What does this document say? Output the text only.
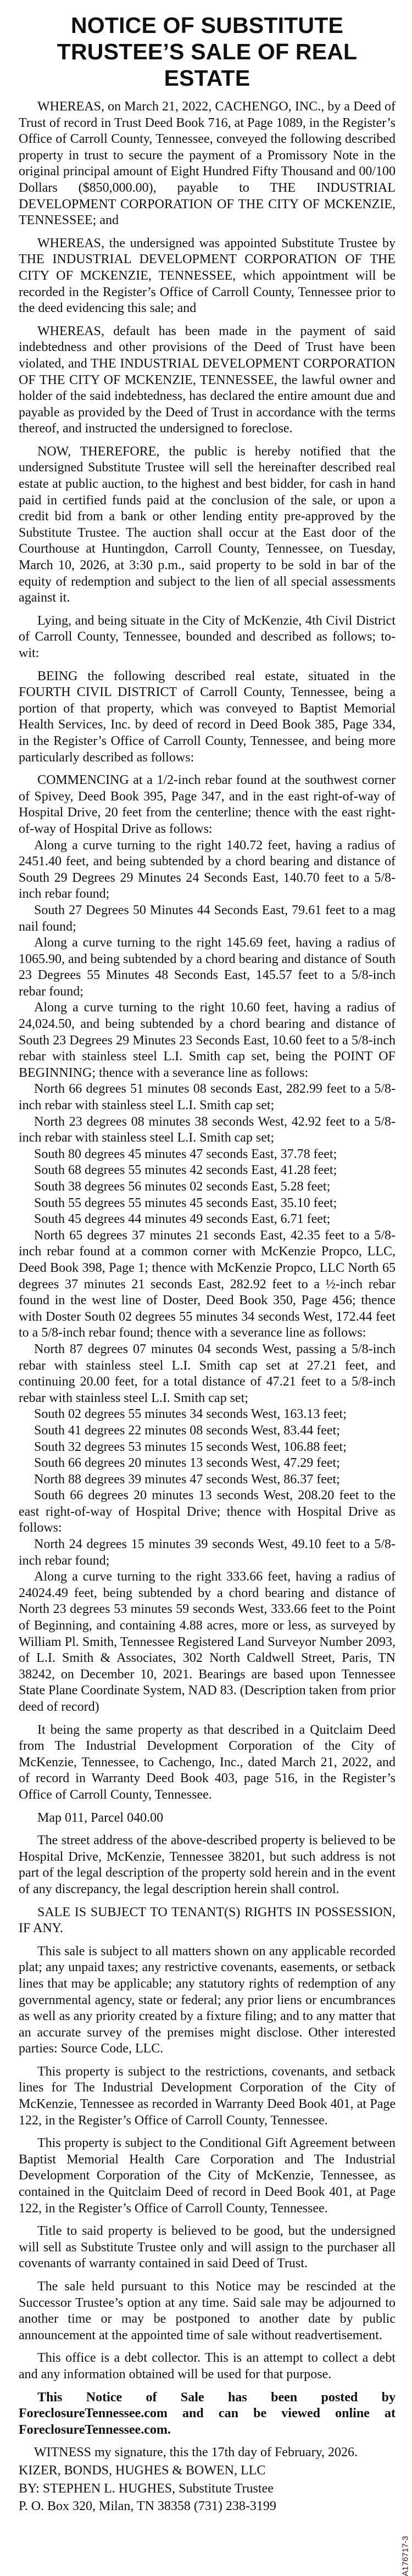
NOTICE OF SUBSTITUTE TRUSTEE’S SALE OF REAL ESTATE

WHEREAS, on March 21, 2022, CACHENGO, INC., by a Deed of Trust of record in Trust Deed Book 716, at Page 1089, in the Register’s Office of Carroll County, Tennessee, conveyed the following described property in trust to secure the payment of a Promissory Note in the original principal amount of Eight Hundred Fifty Thousand and 00/100 Dollars ($850,000.00), payable to THE INDUSTRIAL DEVELOPMENT CORPORATION OF THE CITY OF MCKENZIE, TENNESSEE; and

WHEREAS, the undersigned was appointed Substitute Trustee by THE INDUSTRIAL DEVELOPMENT CORPORATION OF THE CITY OF MCKENZIE, TENNESSEE, which appointment will be recorded in the Register’s Office of Carroll County, Tennessee prior to the deed evidencing this sale; and

WHEREAS, default has been made in the payment of said indebtedness and other provisions of the Deed of Trust have been violated, and THE INDUSTRIAL DEVELOPMENT CORPORATION OF THE CITY OF MCKENZIE, TENNESSEE, the lawful owner and holder of the said indebtedness, has declared the entire amount due and payable as provided by the Deed of Trust in accordance with the terms thereof, and instructed the undersigned to foreclose.

NOW, THEREFORE, the public is hereby notified that the undersigned Substitute Trustee will sell the hereinafter described real estate at public auction, to the highest and best bidder, for cash in hand paid in certified funds paid at the conclusion of the sale, or upon a credit bid from a bank or other lending entity pre-approved by the Substitute Trustee. The auction shall occur at the East door of the Courthouse at Huntingdon, Carroll County, Tennessee, on Tuesday, March 10, 2026, at 3:30 p.m., said property to be sold in bar of the equity of redemption and subject to the lien of all special assessments against it.

Lying, and being situate in the City of McKenzie, 4th Civil District of Carroll County, Tennessee, bounded and described as follows; to-wit:

BEING the following described real estate, situated in the FOURTH CIVIL DISTRICT of Carroll County, Tennessee, being a portion of that property, which was conveyed to Baptist Memorial Health Services, Inc. by deed of record in Deed Book 385, Page 334, in the Register’s Office of Carroll County, Tennessee, and being more particularly described as follows:

COMMENCING at a 1/2-inch rebar found at the southwest corner of Spivey, Deed Book 395, Page 347, and in the east right-of-way of Hospital Drive, 20 feet from the centerline; thence with the east right-of-way of Hospital Drive as follows:

Along a curve turning to the right 140.72 feet, having a radius of 2451.40 feet, and being subtended by a chord bearing and distance of South 29 Degrees 29 Minutes 24 Seconds East, 140.70 feet to a 5/8-inch rebar found;

South 27 Degrees 50 Minutes 44 Seconds East, 79.61 feet to a mag nail found;

Along a curve turning to the right 145.69 feet, having a radius of 1065.90, and being subtended by a chord bearing and distance of South 23 Degrees 55 Minutes 48 Seconds East, 145.57 feet to a 5/8-inch rebar found;

Along a curve turning to the right 10.60 feet, having a radius of 24,024.50, and being subtended by a chord bearing and distance of South 23 Degrees 29 Minutes 23 Seconds East, 10.60 feet to a 5/8-inch rebar with stainless steel L.I. Smith cap set, being the POINT OF BEGINNING; thence with a severance line as follows:

North 66 degrees 51 minutes 08 seconds East, 282.99 feet to a 5/8-inch rebar with stainless steel L.I. Smith cap set;

North 23 degrees 08 minutes 38 seconds West, 42.92 feet to a 5/8-inch rebar with stainless steel L.I. Smith cap set;

South 80 degrees 45 minutes 47 seconds East, 37.78 feet;

South 68 degrees 55 minutes 42 seconds East, 41.28 feet;

South 38 degrees 56 minutes 02 seconds East, 5.28 feet;

South 55 degrees 55 minutes 45 seconds East, 35.10 feet;

South 45 degrees 44 minutes 49 seconds East, 6.71 feet;

North 65 degrees 37 minutes 21 seconds East, 42.35 feet to a 5/8-inch rebar found at a common corner with McKenzie Propco, LLC, Deed Book 398, Page 1; thence with McKenzie Propco, LLC North 65 degrees 37 minutes 21 seconds East, 282.92 feet to a ½-inch rebar found in the west line of Doster, Deed Book 350, Page 456; thence with Doster South 02 degrees 55 minutes 34 seconds West, 172.44 feet to a 5/8-inch rebar found; thence with a severance line as follows:

North 87 degrees 07 minutes 04 seconds West, passing a 5/8-inch rebar with stainless steel L.I. Smith cap set at 27.21 feet, and continuing 20.00 feet, for a total distance of 47.21 feet to a 5/8-inch rebar with stainless steel L.I. Smith cap set;

South 02 degrees 55 minutes 34 seconds West, 163.13 feet;

South 41 degrees 22 minutes 08 seconds West, 83.44 feet;

South 32 degrees 53 minutes 15 seconds West, 106.88 feet;

South 66 degrees 20 minutes 13 seconds West, 47.29 feet;

North 88 degrees 39 minutes 47 seconds West, 86.37 feet;

South 66 degrees 20 minutes 13 seconds West, 208.20 feet to the east right-of-way of Hospital Drive; thence with Hospital Drive as follows:

North 24 degrees 15 minutes 39 seconds West, 49.10 feet to a 5/8-inch rebar found;

Along a curve turning to the right 333.66 feet, having a radius of 24024.49 feet, being subtended by a chord bearing and distance of North 23 degrees 53 minutes 59 seconds West, 333.66 feet to the Point of Beginning, and containing 4.88 acres, more or less, as surveyed by William Pl. Smith, Tennessee Registered Land Surveyor Number 2093, of L.I. Smith & Associates, 302 North Caldwell Street, Paris, TN 38242, on December 10, 2021. Bearings are based upon Tennessee State Plane Coordinate System, NAD 83. (Description taken from prior deed of record)

It being the same property as that described in a Quitclaim Deed from The Industrial Development Corporation of the City of McKenzie, Tennessee, to Cachengo, Inc., dated March 21, 2022, and of record in Warranty Deed Book 403, page 516, in the Register’s Office of Carroll County, Tennessee.

Map 011, Parcel 040.00

The street address of the above-described property is believed to be Hospital Drive, McKenzie, Tennessee 38201, but such address is not part of the legal description of the property sold herein and in the event of any discrepancy, the legal description herein shall control.

SALE IS SUBJECT TO TENANT(S) RIGHTS IN POSSESSION, IF ANY.

This sale is subject to all matters shown on any applicable recorded plat; any unpaid taxes; any restrictive covenants, easements, or setback lines that may be applicable; any statutory rights of redemption of any governmental agency, state or federal; any prior liens or encumbrances as well as any priority created by a fixture filing; and to any matter that an accurate survey of the premises might disclose. Other interested parties: Source Code, LLC.

This property is subject to the restrictions, covenants, and setback lines for The Industrial Development Corporation of the City of McKenzie, Tennessee as recorded in Warranty Deed Book 401, at Page 122, in the Register’s Office of Carroll County, Tennessee.

This property is subject to the Conditional Gift Agreement between Baptist Memorial Health Care Corporation and The Industrial Development Corporation of the City of McKenzie, Tennessee, as contained in the Quitclaim Deed of record in Deed Book 401, at Page 122, in the Register’s Office of Carroll County, Tennessee.

Title to said property is believed to be good, but the undersigned will sell as Substitute Trustee only and will assign to the purchaser all covenants of warranty contained in said Deed of Trust.

The sale held pursuant to this Notice may be rescinded at the Successor Trustee’s option at any time. Said sale may be adjourned to another time or may be postponed to another date by public announcement at the appointed time of sale without readvertisement.

This office is a debt collector. This is an attempt to collect a debt and any information obtained will be used for that purpose.

This Notice of Sale has been posted by ForeclosureTennessee.com and can be viewed online at ForeclosureTennessee.com.

WITNESS my signature, this the 17th day of February, 2026.

KIZER, BONDS, HUGHES & BOWEN, LLC

BY: STEPHEN L. HUGHES, Substitute Trustee

P. O. Box 320, Milan, TN 38358 (731) 238-3199

A176717-3
